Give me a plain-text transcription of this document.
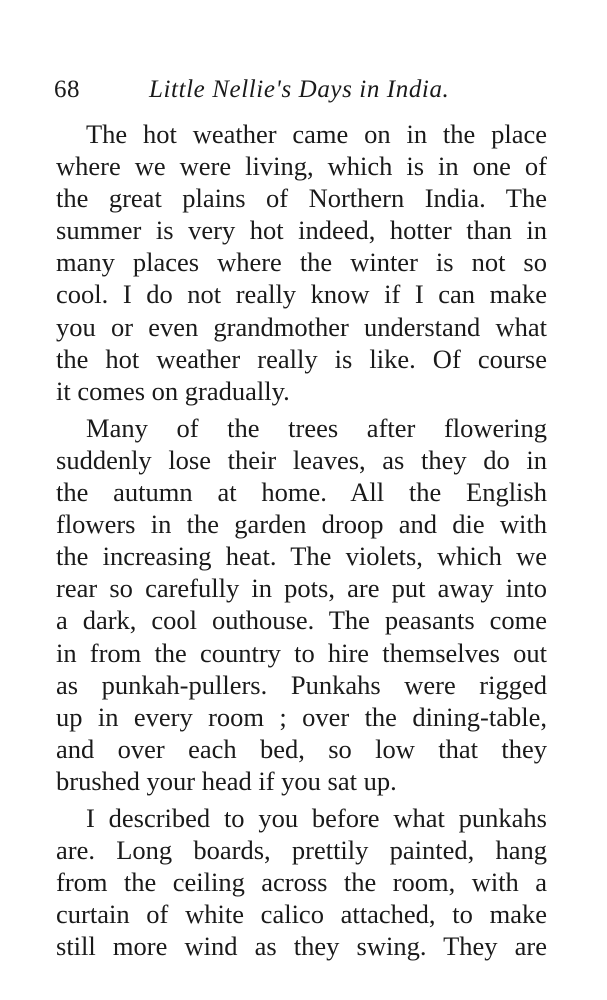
68	Little Nellie's Days in India.
The hot weather came on in the place
where we were living, which is in one of
the great plains of Northern India. The
summer is very hot indeed, hotter than in
many places where the winter is not so
cool. I do not really know if I can make
you or even grandmother understand what
the hot weather really is like. Of course
it comes on gradually.
Many of the trees after flowering
suddenly lose their leaves, as they do in
the autumn at home. All the English
flowers in the garden droop and die with
the increasing heat. The violets, which we
rear so carefully in pots, are put away into
a dark, cool outhouse. The peasants come
in from the country to hire themselves out
as punkah-pullers. Punkahs were rigged
up in every room ; over the dining-table,
and over each bed, so low that they
brushed your head if you sat up.
I described to you before what punkahs
are. Long boards, prettily painted, hang
from the ceiling across the room, with a
curtain of white calico attached, to make
still more wind as they swing. They are
